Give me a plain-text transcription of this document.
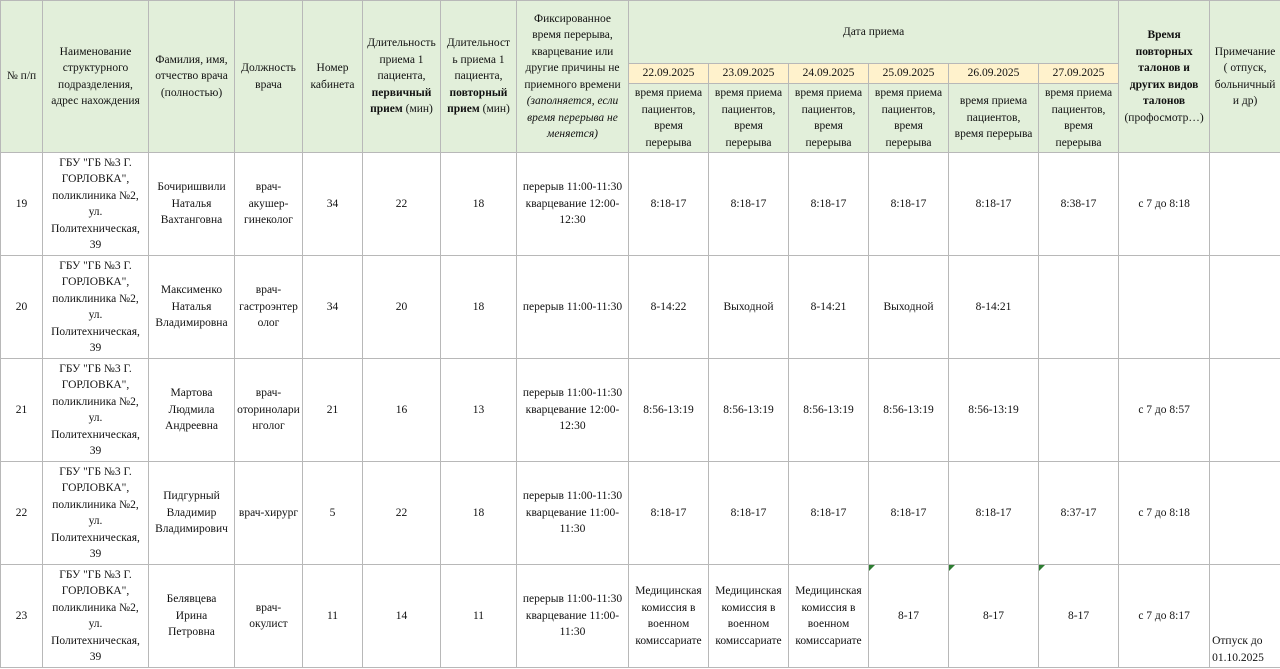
№ п/п	Наименование структурного подразделения, адрес нахождения	Фамилия, имя, отчество врача (полностью)	Должность врача	Номер кабинета	Длительность приема 1 пациента, первичный прием (мин)	Длительност ь приема 1 пациента, повторный прием (мин)	Фиксированное время перерыва, кварцевание или другие причины не приемного времени (заполняется, если время перерыва не меняется)	Дата приема						Время повторных талонов и других видов талонов (профосмотр…)	Примечание ( отпуск, больничный и др)
								22.09.2025	23.09.2025	24.09.2025	25.09.2025	26.09.2025	27.09.2025		
								время приема пациентов, время перерыва	время приема пациентов, время перерыва	время приема пациентов, время перерыва	время приема пациентов, время перерыва	время приема пациентов, время перерыва	время приема пациентов, время перерыва		
19	ГБУ "ГБ №3 Г. ГОРЛОВКА", поликлиника №2, ул. Политехническая, 39	Бочиришвили Наталья Вахтанговна	врач-акушер-гинеколог	34	22	18	перерыв 11:00-11:30 кварцевание 12:00-12:30	8:18-17	8:18-17	8:18-17	8:18-17	8:18-17	8:38-17	с 7 до 8:18	
20	ГБУ "ГБ №3 Г. ГОРЛОВКА", поликлиника №2, ул. Политехническая, 39	Максименко Наталья Владимировна	врач-гастроэнтеролог	34	20	18	перерыв 11:00-11:30	8-14:22	Выходной	8-14:21	Выходной	8-14:21			
21	ГБУ "ГБ №3 Г. ГОРЛОВКА", поликлиника №2, ул. Политехническая, 39	Мартова Людмила Андреевна	врач-оториноларинголог	21	16	13	перерыв 11:00-11:30 кварцевание 12:00-12:30	8:56-13:19	8:56-13:19	8:56-13:19	8:56-13:19	8:56-13:19		с 7 до 8:57	
22	ГБУ "ГБ №3 Г. ГОРЛОВКА", поликлиника №2, ул. Политехническая, 39	Пидгурный Владимир Владимирович	врач-хирург	5	22	18	перерыв 11:00-11:30 кварцевание 11:00-11:30	8:18-17	8:18-17	8:18-17	8:18-17	8:18-17	8:37-17	с 7 до 8:18	
23	ГБУ "ГБ №3 Г. ГОРЛОВКА", поликлиника №2, ул. Политехническая, 39	Белявцева Ирина Петровна	врач-окулист	11	14	11	перерыв 11:00-11:30 кварцевание 11:00-11:30	Медицинская комиссия в военном комиссариате	Медицинская комиссия в военном комиссариате	Медицинская комиссия в военном комиссариате	8-17	8-17	8-17	с 7 до 8:17	Отпуск до 01.10.2025
